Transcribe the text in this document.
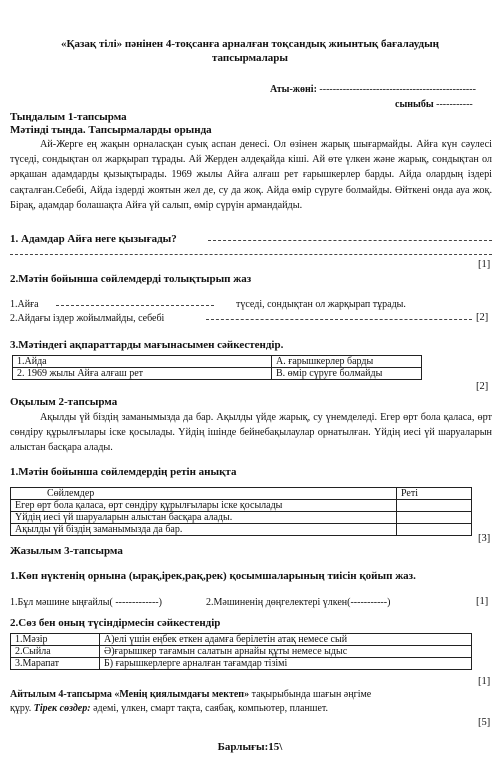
«Қазақ тілі» пәнінен 4-тоқсанға арналған тоқсандық жиынтық бағалаудың
тапсырмалары
Аты-жөні: -----------------------------------------------
сыныбы -----------
Тыңдалым 1-тапсырма
Мәтінді тыңда. Тапсырмаларды орында
Ай-Жерге ең жақын орналасқан суық аспан денесі. Ол өзінен жарық шығармайды. Айға күн сәулесі түседі, сондықтан ол жарқырап тұрады. Ай Жерден әлдеқайда кіші. Ай өте үлкен және жарық, сондықтан ол әрқашан адамдарды қызықтырады. 1969 жылы Айға алғаш рет ғарышкерлер барды. Айда олардың іздері сақталған.Себебі, Айда іздерді жоятын жел де, су да жоқ. Айда өмір сүруге болмайды. Өйткені онда ауа жоқ. Бірақ, адамдар болашақта Айға үй салып, өмір сүрүін армандайды.
1. Адамдар Айға неге қызығады?
[1]
2.Мәтін бойынша сөйлемдерді толықтырып жаз
1.Айға	түседі, сондықтан ол жарқырап тұрады.
2.Айдағы іздер жойылмайды, себебі	[2]
3.Мәтіндегі ақпараттарды мағынасымен сәйкестендір.
1.Айда	А. ғарышкерлер барды
2. 1969 жылы Айға алғаш рет	В. өмір сүруге болмайды
[2]
Оқылым 2-тапсырма
Ақылды үй біздің заманымызда да бар. Ақылды үйде жарық, су үнемделеді. Егер өрт бола қалаcа, өрт сөндіру құрылғылары іске қосылады. Үйдің ішінде бейнебақылаулар орнатылған. Үйдің иесі үй шаруаларын алыстан басқара алады.
1.Мәтін бойынша сөйлемдердің ретін анықта
Сөйлемдер	Реті
Егер өрт бола қалаcа, өрт сөндіру құрылғылары іске қосылады	
Үйдің иесі үй шаруаларын алыстан басқара алады.	
Ақылды үй біздің заманымызда да бар.	
[3]
Жазылым 3-тапсырма
1.Көп нүктенің орнына (ырақ,ірек,рақ,рек) қосымшаларының тиісін қойып жаз.
1.Бұл мәшине ыңғайлы( -------------)	2.Мәшиненің дөңгелектері үлкен(-----------)	[1]
2.Сөз бен оның түсіндірмесін сәйкестендір
1.Мәзір	А)елі үшін еңбек еткен адамға берілетін атақ немесе сый
2.Сыйла	Ә)ғарышкер тағамын салатын арнайы құты немесе ыдыс
3.Марапат	Б) ғарышкерлерге арналған тағамдар тізімі
[1]
Айтылым 4-тапсырма «Менің қиялымдағы мектеп» тақырыбында шағын әңгіме
құру. Тірек сөздер: әдемі, үлкен, смарт тақта, саябақ, компьютер, планшет.
[5]
Барлығы:15\
